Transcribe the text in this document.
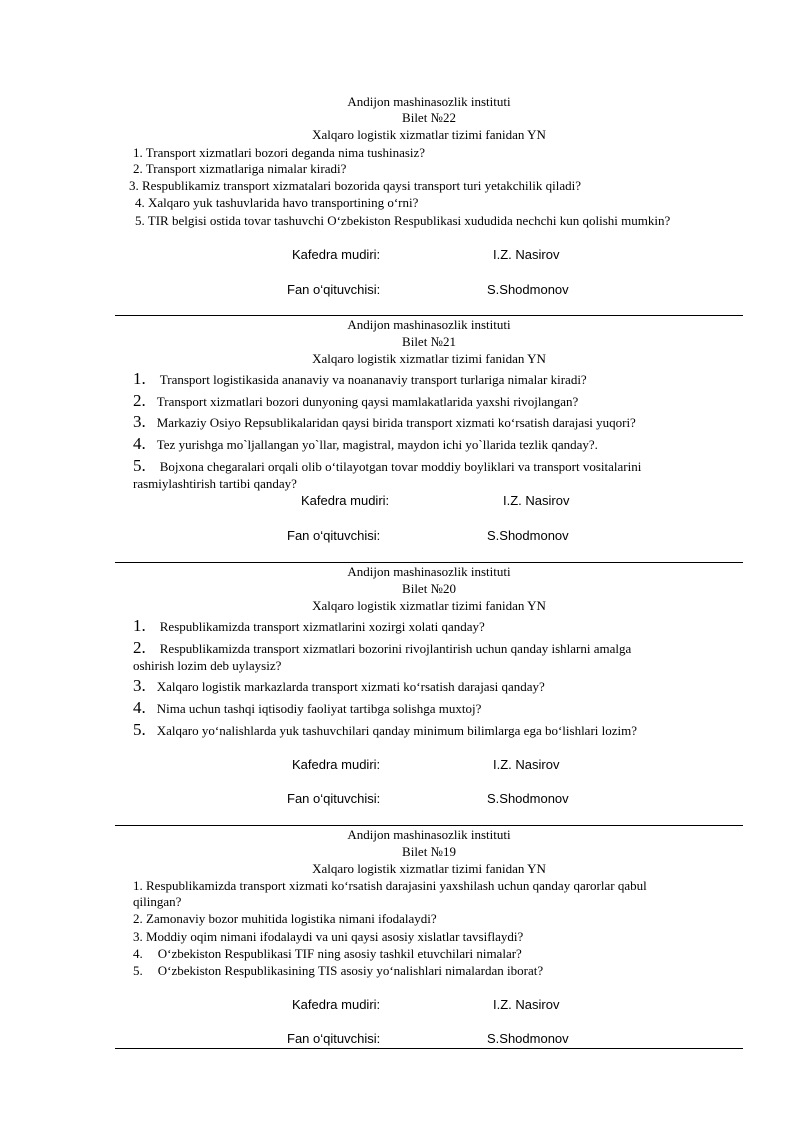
Andijon mashinasozlik instituti
Bilet №22
Xalqaro logistik xizmatlar tizimi fanidan YN
1. Transport xizmatlari bozori deganda nima tushinasiz?
2. Transport xizmatlariga nimalar kiradi?
3. Respublikamiz transport xizmatalari bozorida qaysi transport turi yetakchilik qiladi?
4. Xalqaro yuk tashuvlarida havo transportining o‘rni?
5. TIR belgisi ostida tovar tashuvchi O‘zbekiston Respublikasi xududida nechchi kun qolishi mumkin?
Kafedra mudiri:	I.Z. Nasirov
Fan o‘qituvchisi:	S.Shodmonov
Andijon mashinasozlik instituti
Bilet №21
Xalqaro logistik xizmatlar tizimi fanidan YN
1. Transport logistikasida ananaviy va noananaviy transport turlariga nimalar kiradi?
2. Transport xizmatlari bozori dunyoning qaysi mamlakatlarida yaxshi rivojlangan?
3. Markaziy Osiyo Repsublikalaridan qaysi birida transport xizmati ko‘rsatish darajasi yuqori?
4. Tez yurishga mo`ljallangan yo`llar, magistral, maydon ichi yo`llarida tezlik qanday?.
5. Bojxona chegaralari orqali olib o‘tilayotgan tovar moddiy boyliklari va transport vositalarini
rasmiylashtirish tartibi qanday?
Kafedra mudiri:	I.Z. Nasirov
Fan o‘qituvchisi:	S.Shodmonov
Andijon mashinasozlik instituti
Bilet №20
Xalqaro logistik xizmatlar tizimi fanidan YN
1. Respublikamizda transport xizmatlarini xozirgi xolati qanday?
2. Respublikamizda transport xizmatlari bozorini rivojlantirish uchun qanday ishlarni amalga
oshirish lozim deb uylaysiz?
3. Xalqaro logistik markazlarda transport xizmati ko‘rsatish darajasi qanday?
4. Nima uchun tashqi iqtisodiy faoliyat tartibga solishga muxtoj?
5. Xalqaro yo‘nalishlarda yuk tashuvchilari qanday minimum bilimlarga ega bo‘lishlari lozim?
Kafedra mudiri:	I.Z. Nasirov
Fan o‘qituvchisi:	S.Shodmonov
Andijon mashinasozlik instituti
Bilet №19
Xalqaro logistik xizmatlar tizimi fanidan YN
1. Respublikamizda transport xizmati ko‘rsatish darajasini yaxshilash uchun qanday qarorlar qabul
qilingan?
2. Zamonaviy bozor muhitida logistika nimani ifodalaydi?
3. Moddiy oqim nimani ifodalaydi va uni qaysi asosiy xislatlar tavsiflaydi?
4. O‘zbekiston Respublikasi TIF ning asosiy tashkil etuvchilari nimalar?
5. O‘zbekiston Respublikasining TIS asosiy yo‘nalishlari nimalardan iborat?
Kafedra mudiri:	I.Z. Nasirov
Fan o‘qituvchisi:	S.Shodmonov
